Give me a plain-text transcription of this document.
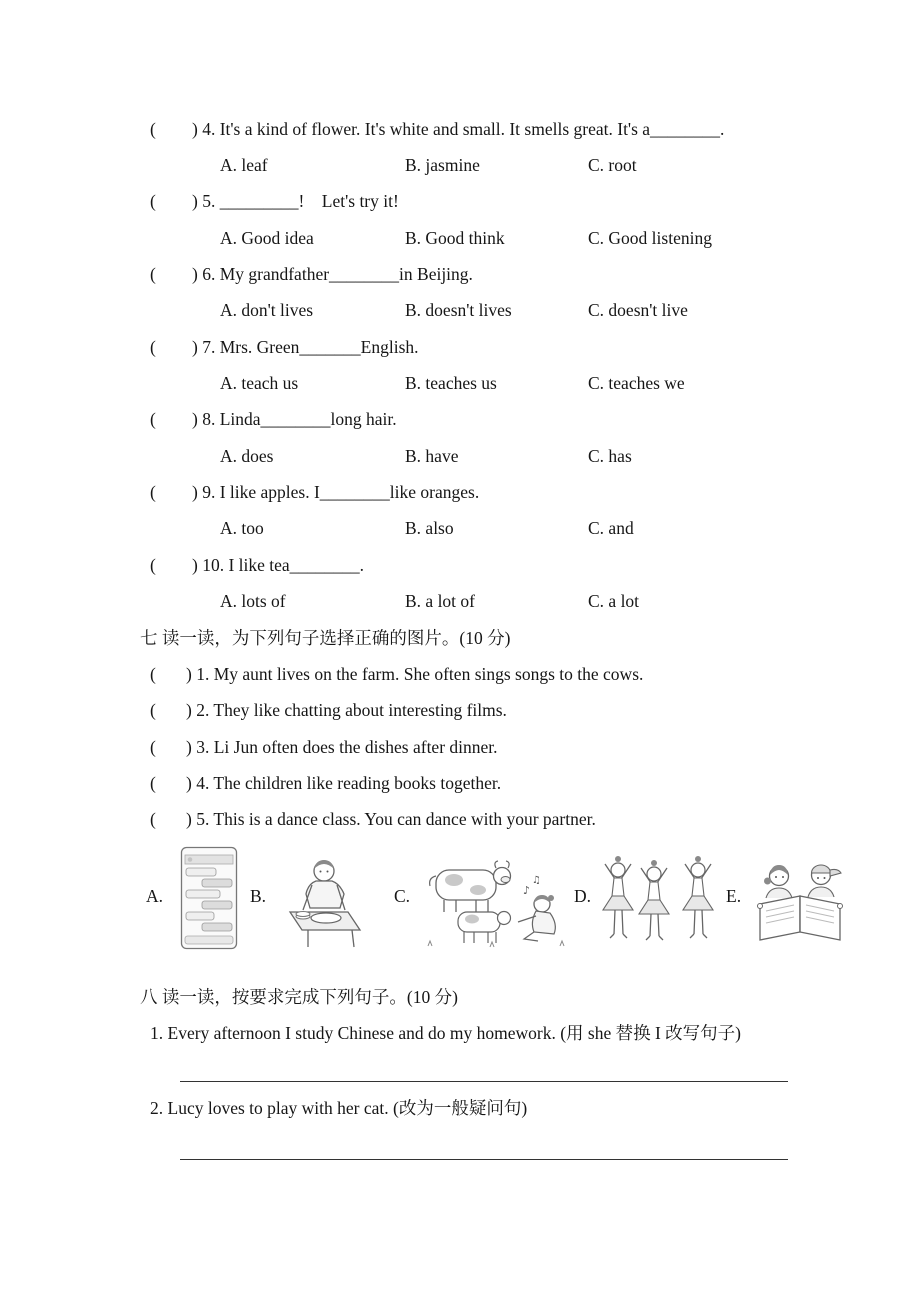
(	) 4. It's a kind of flower. It's white and small. It smells great. It's a________.
A. leaf	B. jasmine	C. root
(	) 5. _________!    Let's try it!
A. Good idea	B. Good think	C. Good listening
(	) 6. My grandfather________in Beijing.
A. don't lives	B. doesn't lives	C. doesn't live
(	) 7. Mrs. Green_______English.
A. teach us	B. teaches us	C. teaches we
(	) 8. Linda________long hair.
A. does	B. have	C. has
(	) 9. I like apples. I________like oranges.
A. too	B. also	C. and
(	) 10. I like tea________.
A. lots of	B. a lot of	C. a lot
七 读一读，为下列句子选择正确的图片。(10 分)
(	) 1. My aunt lives on the farm. She often sings songs to the cows.
(	) 2. They like chatting about interesting films.
(	) 3. Li Jun often does the dishes after dinner.
(	) 4. The children like reading books together.
(	) 5. This is a dance class. You can dance with your partner.
A.	B.	C.	♪
♫
D.	E.
八 读一读，按要求完成下列句子。(10 分)
1. Every afternoon I study Chinese and do my homework. (用 she 替换 I 改写句子)
2. Lucy loves to play with her cat. (改为一般疑问句)
